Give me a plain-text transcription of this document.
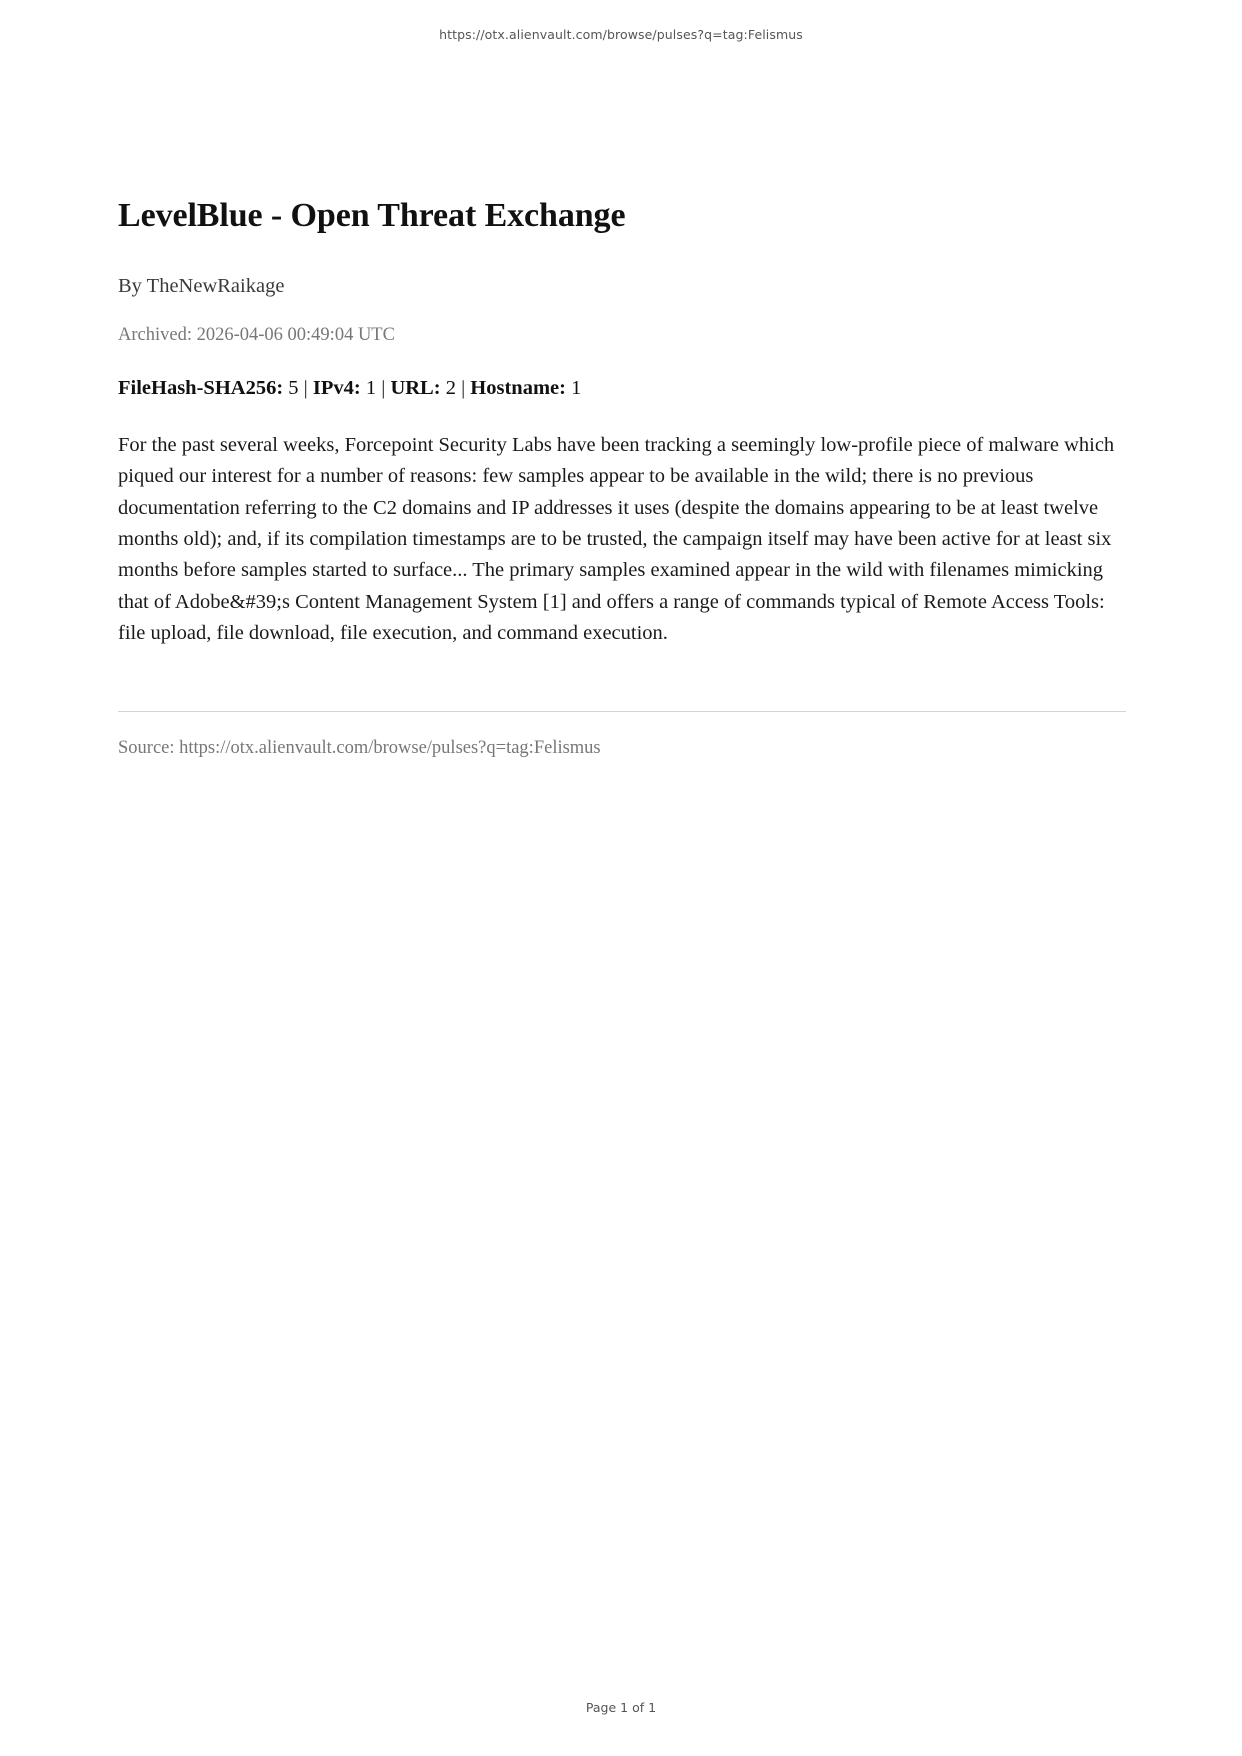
https://otx.alienvault.com/browse/pulses?q=tag:Felismus
LevelBlue - Open Threat Exchange
By TheNewRaikage
Archived: 2026-04-06 00:49:04 UTC
FileHash-SHA256: 5 | IPv4: 1 | URL: 2 | Hostname: 1

For the past several weeks, Forcepoint Security Labs have been tracking a seemingly low-profile piece of malware which piqued our interest for a number of reasons: few samples appear to be available in the wild; there is no previous documentation referring to the C2 domains and IP addresses it uses (despite the domains appearing to be at least twelve months old); and, if its compilation timestamps are to be trusted, the campaign itself may have been active for at least six months before samples started to surface... The primary samples examined appear in the wild with filenames mimicking that of Adobe&#39;s Content Management System [1] and offers a range of commands typical of Remote Access Tools: file upload, file download, file execution, and command execution.

Source: https://otx.alienvault.com/browse/pulses?q=tag:Felismus
Page 1 of 1
